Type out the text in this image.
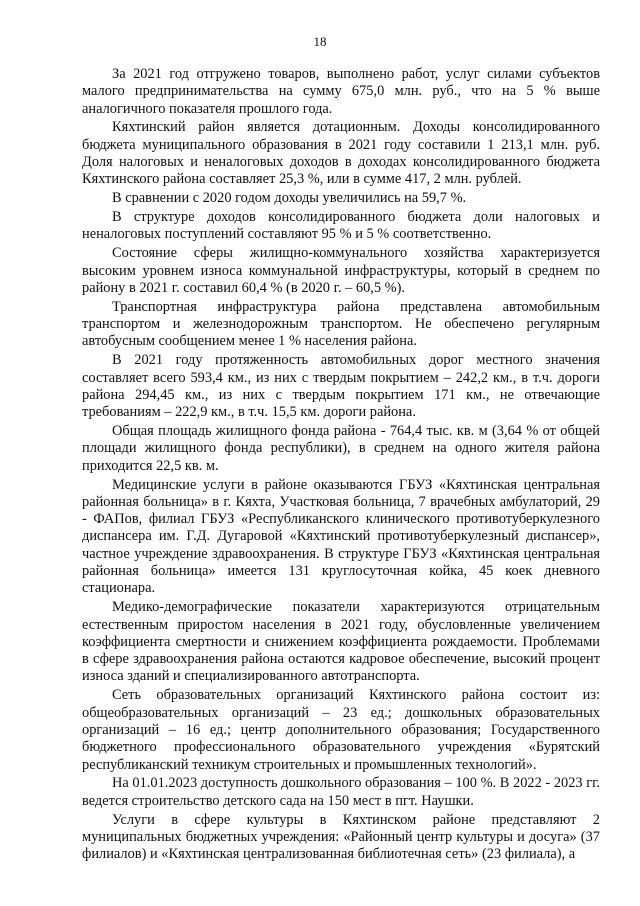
18

За 2021 год отгружено товаров, выполнено работ, услуг силами субъектов малого предпринимательства на сумму 675,0 млн. руб., что на 5 % выше аналогичного показателя прошлого года.

Кяхтинский район является дотационным. Доходы консолидированного бюджета муниципального образования в 2021 году составили 1 213,1 млн. руб. Доля налоговых и неналоговых доходов в доходах консолидированного бюджета Кяхтинского района составляет 25,3 %, или в сумме 417, 2 млн. рублей.

В сравнении с 2020 годом доходы увеличились на 59,7 %.

В структуре доходов консолидированного бюджета доли налоговых и неналоговых поступлений составляют 95 % и 5 % соответственно.

Состояние сферы жилищно-коммунального хозяйства характеризуется высоким уровнем износа коммунальной инфраструктуры, который в среднем по району в 2021 г. составил 60,4 % (в 2020 г. – 60,5 %).

Транспортная инфраструктура района представлена автомобильным транспортом и железнодорожным транспортом. Не обеспечено регулярным автобусным сообщением менее 1 % населения района.

В 2021 году протяженность автомобильных дорог местного значения составляет всего 593,4 км., из них с твердым покрытием – 242,2 км., в т.ч. дороги района 294,45 км., из них с твердым покрытием 171 км., не отвечающие требованиям – 222,9 км., в т.ч. 15,5 км. дороги района.

Общая площадь жилищного фонда района - 764,4 тыс. кв. м (3,64 % от общей площади жилищного фонда республики), в среднем на одного жителя района приходится 22,5 кв. м.

Медицинские услуги в районе оказываются ГБУЗ «Кяхтинская центральная районная больница» в г. Кяхта, Участковая больница, 7 врачебных амбулаторий, 29 - ФАПов, филиал ГБУЗ «Республиканского клинического противотуберкулезного диспансера им. Г.Д. Дугаровой «Кяхтинский противотуберкулезный диспансер», частное учреждение здравоохранения. В структуре ГБУЗ «Кяхтинская центральная районная больница» имеется 131 круглосуточная койка, 45 коек дневного стационара.

Медико-демографические показатели характеризуются отрицательным естественным приростом населения в 2021 году, обусловленные увеличением коэффициента смертности и снижением коэффициента рождаемости. Проблемами в сфере здравоохранения района остаются кадровое обеспечение, высокий процент износа зданий и специализированного автотранспорта.

Сеть образовательных организаций Кяхтинского района состоит из: общеобразовательных организаций – 23 ед.; дошкольных образовательных организаций – 16 ед.; центр дополнительного образования; Государственного бюджетного профессионального образовательного учреждения «Бурятский республиканский техникум строительных и промышленных технологий».

На 01.01.2023 доступность дошкольного образования – 100 %. В 2022 - 2023 гг. ведется строительство детского сада на 150 мест в пгт. Наушки.

Услуги в сфере культуры в Кяхтинском районе представляют 2 муниципальных бюджетных учреждения: «Районный центр культуры и досуга» (37 филиалов) и «Кяхтинская централизованная библиотечная сеть» (23 филиала), а
